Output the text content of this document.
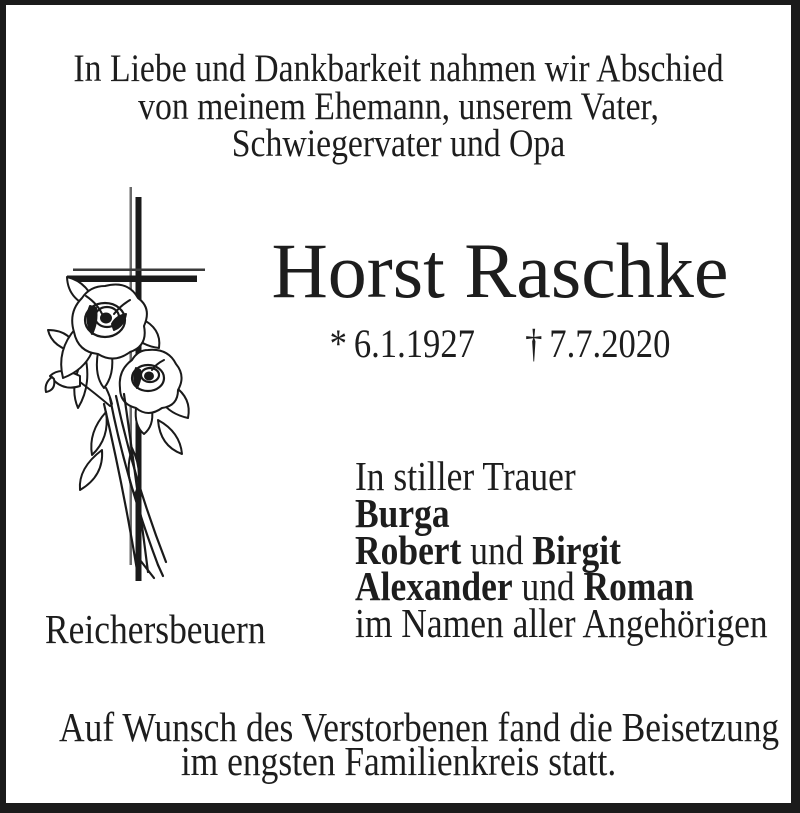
In Liebe und Dankbarkeit nahmen wir Abschied
von meinem Ehemann, unserem Vater,
Schwiegervater und Opa
Horst Raschke
* 6.1.1927 † 7.7.2020
In stiller Trauer
Burga
Robert und Birgit
Alexander und Roman
im Namen aller Angehörigen
Reichersbeuern
Auf Wunsch des Verstorbenen fand die Beisetzung
im engsten Familienkreis statt.
